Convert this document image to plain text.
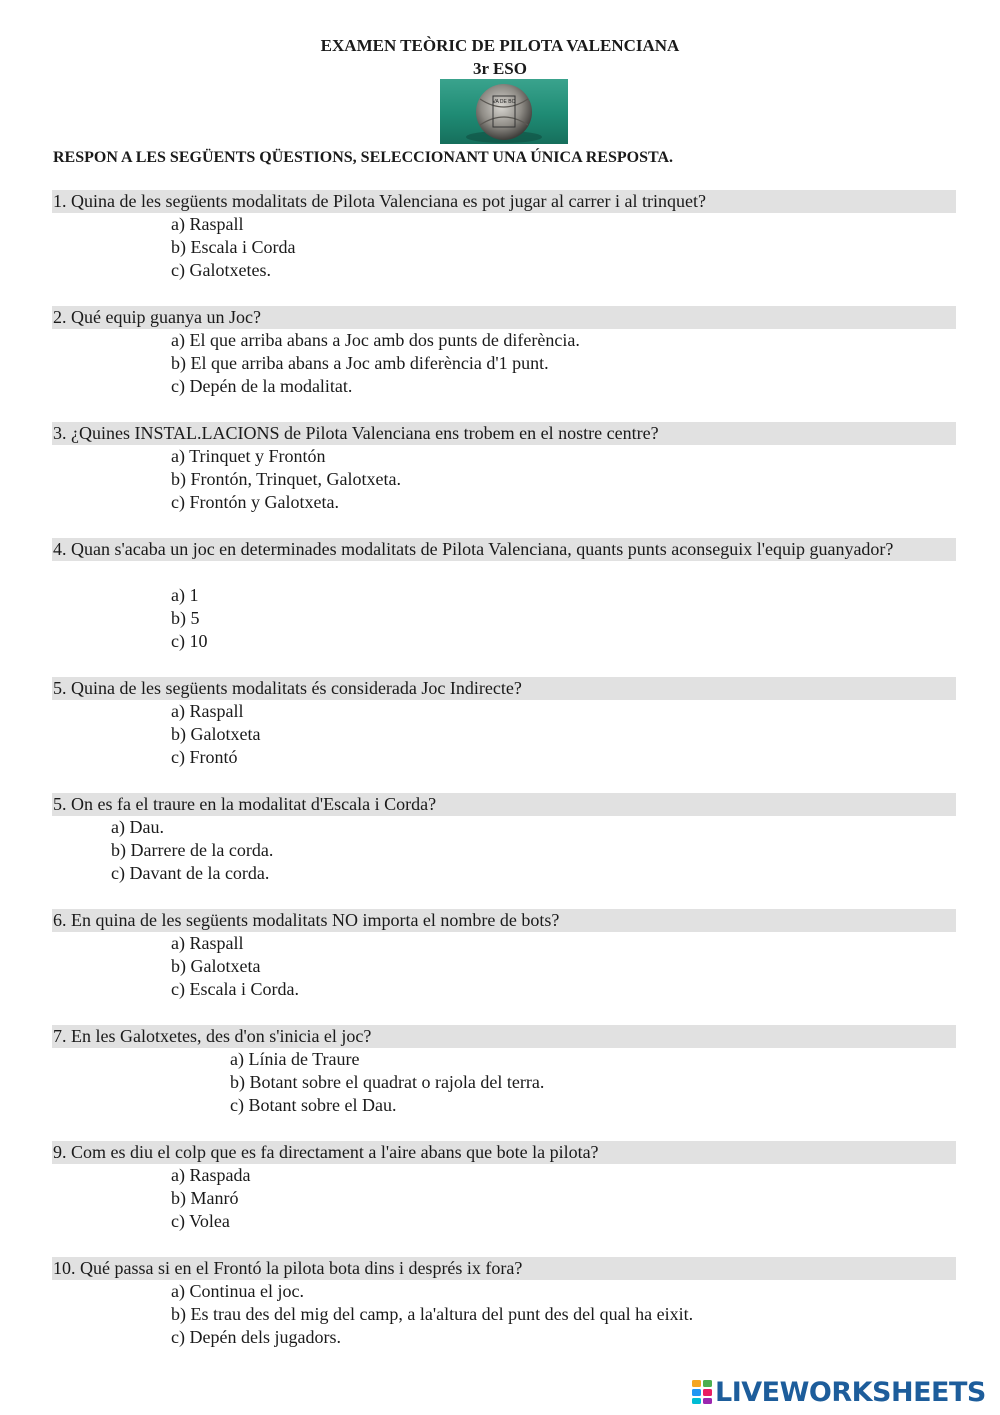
EXAMEN TEÒRIC DE PILOTA VALENCIANA
3r ESO
VA DE BO
RESPON A LES SEGÜENTS QÜESTIONS, SELECCIONANT UNA ÚNICA RESPOSTA.
1. Quina de les següents modalitats de Pilota Valenciana es pot jugar al carrer i al trinquet?
a) Raspall
b) Escala i Corda
c) Galotxetes.
2. Qué equip guanya un Joc?
a) El que arriba abans a Joc amb dos punts de diferència.
b) El que arriba abans a Joc amb diferència d'1 punt.
c) Depén de la modalitat.
3. ¿Quines INSTAL.LACIONS de Pilota Valenciana ens trobem en el nostre centre?
a) Trinquet y Frontón
b) Frontón, Trinquet, Galotxeta.
c) Frontón y Galotxeta.
4. Quan s'acaba un joc en determinades modalitats de Pilota Valenciana, quants punts aconseguix l'equip guanyador?
a) 1
b) 5
c) 10
5. Quina de les següents modalitats és considerada Joc Indirecte?
a) Raspall
b) Galotxeta
c) Frontó
5. On es fa el traure en la modalitat d'Escala i Corda?
a) Dau.
b) Darrere de la corda.
c) Davant de la corda.
6. En quina de les següents modalitats NO importa el nombre de bots?
a) Raspall
b) Galotxeta
c) Escala i Corda.
7. En les Galotxetes, des d'on s'inicia el joc?
a) Línia de Traure
b) Botant sobre el quadrat o rajola del terra.
c) Botant sobre el Dau.
9. Com es diu el colp que es fa directament a l'aire abans que bote la pilota?
a) Raspada
b) Manró
c) Volea
10. Qué passa si en el Frontó la pilota bota dins i després ix fora?
a) Continua el joc.
b) Es trau des del mig del camp, a la'altura del punt des del qual ha eixit.
c) Depén dels jugadors.
LIVEWORKSHEETS
